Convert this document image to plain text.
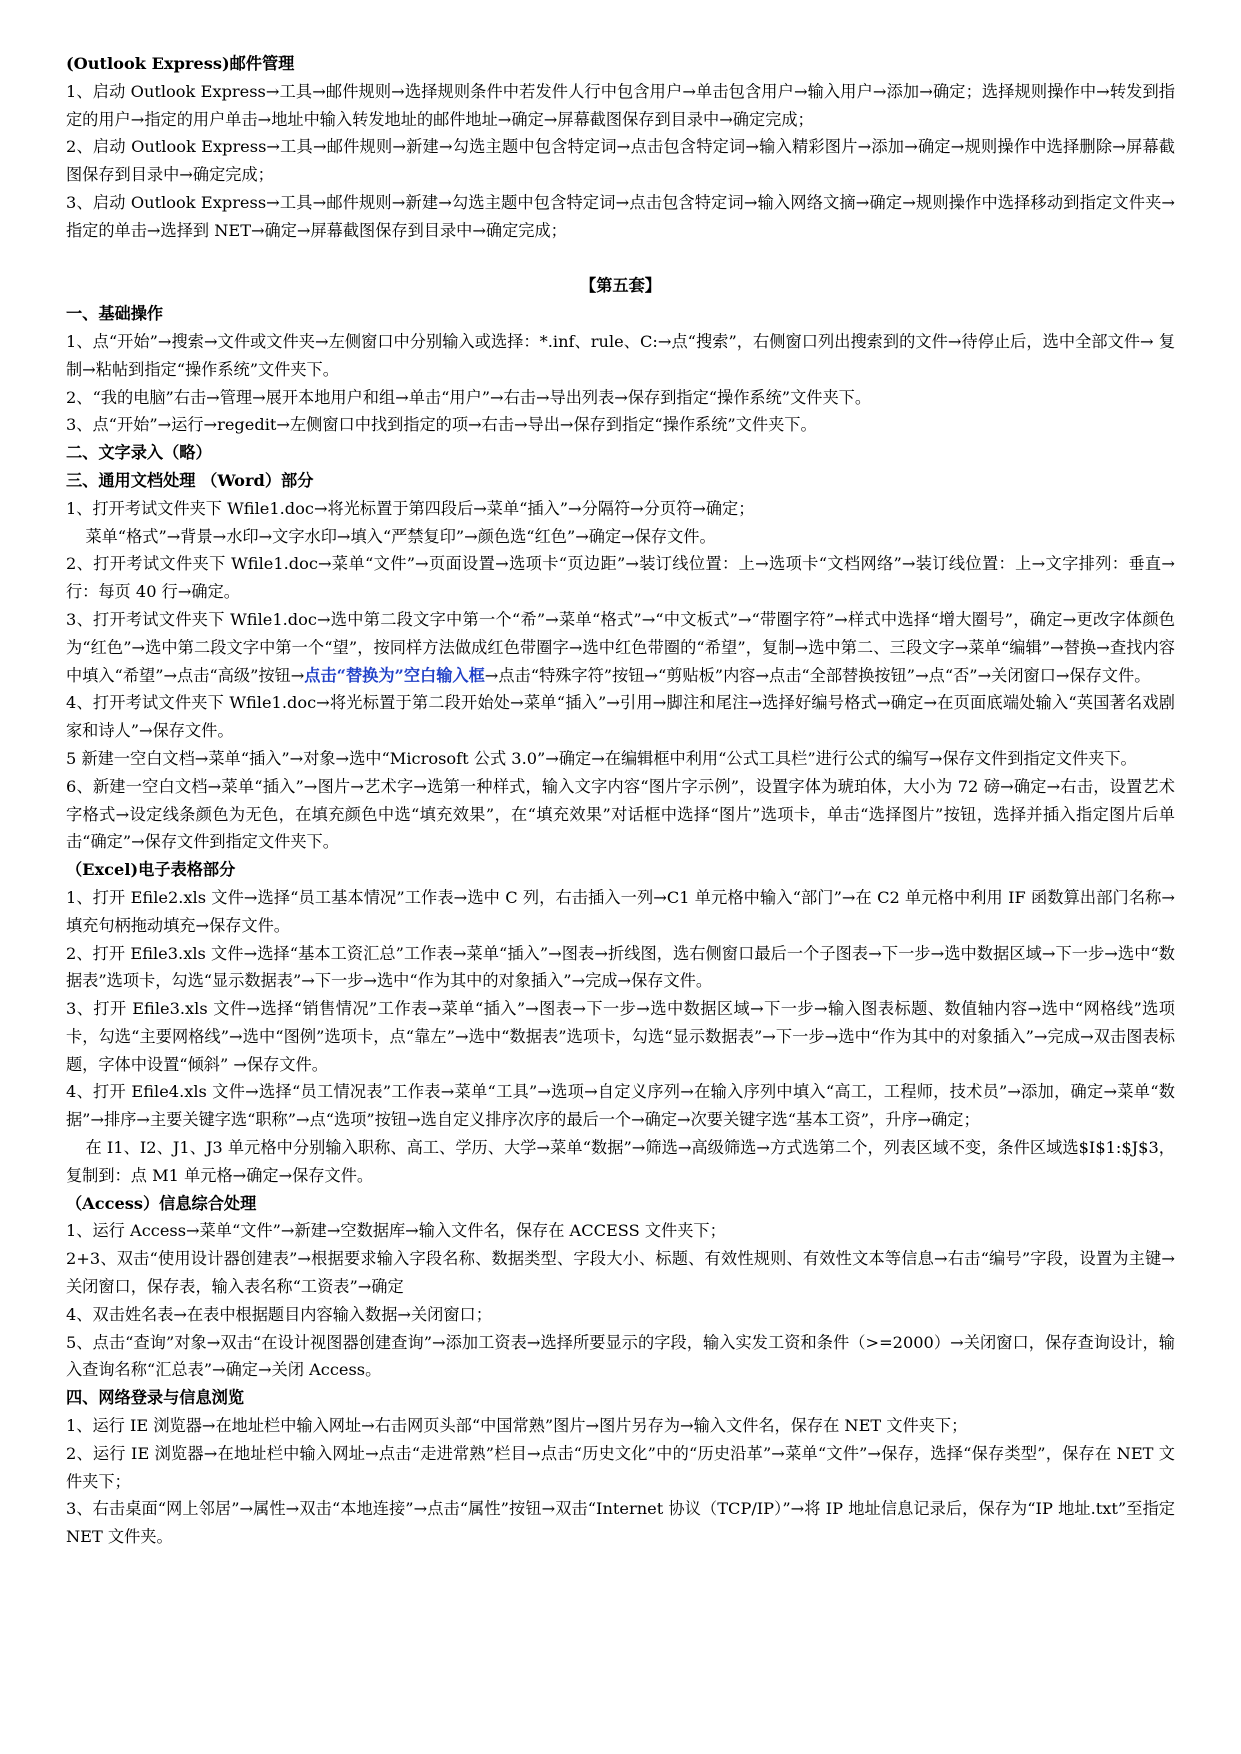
(Outlook Express)邮件管理

1、启动 Outlook Express→工具→邮件规则→选择规则条件中若发件人行中包含用户→单击包含用户→输入用户→添加→确定；选择规则操作中→转发到指定的用户→指定的用户单击→地址中输入转发地址的邮件地址→确定→屏幕截图保存到目录中→确定完成；

2、启动 Outlook Express→工具→邮件规则→新建→勾选主题中包含特定词→点击包含特定词→输入精彩图片→添加→确定→规则操作中选择删除→屏幕截图保存到目录中→确定完成；

3、启动 Outlook Express→工具→邮件规则→新建→勾选主题中包含特定词→点击包含特定词→输入网络文摘→确定→规则操作中选择移动到指定文件夹→指定的单击→选择到 NET→确定→屏幕截图保存到目录中→确定完成；

【第五套】

一、基础操作

1、点“开始”→搜索→文件或文件夹→左侧窗口中分别输入或选择：*.inf、rule、C:→点“搜索”，右侧窗口列出搜索到的文件→待停止后，选中全部文件→ 复制→粘帖到指定“操作系统”文件夹下。

2、“我的电脑”右击→管理→展开本地用户和组→单击“用户”→右击→导出列表→保存到指定“操作系统”文件夹下。

3、点“开始”→运行→regedit→左侧窗口中找到指定的项→右击→导出→保存到指定“操作系统”文件夹下。

二、文字录入（略）

三、通用文档处理 （Word）部分

1、打开考试文件夹下 Wfile1.doc→将光标置于第四段后→菜单“插入”→分隔符→分页符→确定；

菜单“格式”→背景→水印→文字水印→填入“严禁复印”→颜色选“红色”→确定→保存文件。

2、打开考试文件夹下 Wfile1.doc→菜单“文件”→页面设置→选项卡“页边距”→装订线位置：上→选项卡“文档网络”→装订线位置：上→文字排列：垂直→行：每页 40 行→确定。

3、打开考试文件夹下 Wfile1.doc→选中第二段文字中第一个“希”→菜单“格式”→“中文板式”→“带圈字符”→样式中选择“增大圈号”，确定→更改字体颜色为“红色”→选中第二段文字中第一个“望”，按同样方法做成红色带圈字→选中红色带圈的“希望”，复制→选中第二、三段文字→菜单“编辑”→替换→查找内容中填入“希望”→点击“高级”按钮→点击“替换为”空白输入框→点击“特殊字符”按钮→“剪贴板”内容→点击“全部替换按钮”→点“否”→关闭窗口→保存文件。

4、打开考试文件夹下 Wfile1.doc→将光标置于第二段开始处→菜单“插入”→引用→脚注和尾注→选择好编号格式→确定→在页面底端处输入“英国著名戏剧家和诗人”→保存文件。

5 新建一空白文档→菜单“插入”→对象→选中“Microsoft 公式 3.0”→确定→在编辑框中利用“公式工具栏”进行公式的编写→保存文件到指定文件夹下。

6、新建一空白文档→菜单“插入”→图片→艺术字→选第一种样式，输入文字内容“图片字示例”，设置字体为琥珀体，大小为 72 磅→确定→右击，设置艺术字格式→设定线条颜色为无色，在填充颜色中选“填充效果”，在“填充效果”对话框中选择“图片”选项卡，单击“选择图片”按钮，选择并插入指定图片后单击“确定”→保存文件到指定文件夹下。

（Excel)电子表格部分

1、打开 Efile2.xls 文件→选择“员工基本情况”工作表→选中 C 列，右击插入一列→C1 单元格中输入“部门”→在 C2 单元格中利用 IF 函数算出部门名称→填充句柄拖动填充→保存文件。

2、打开 Efile3.xls 文件→选择“基本工资汇总”工作表→菜单“插入”→图表→折线图，选右侧窗口最后一个子图表→下一步→选中数据区域→下一步→选中“数据表”选项卡，勾选“显示数据表”→下一步→选中“作为其中的对象插入”→完成→保存文件。

3、打开 Efile3.xls 文件→选择“销售情况”工作表→菜单“插入”→图表→下一步→选中数据区域→下一步→输入图表标题、数值轴内容→选中“网格线”选项卡，勾选“主要网格线”→选中“图例”选项卡，点“靠左”→选中“数据表”选项卡，勾选“显示数据表”→下一步→选中“作为其中的对象插入”→完成→双击图表标题，字体中设置“倾斜” →保存文件。

4、打开 Efile4.xls 文件→选择“员工情况表”工作表→菜单“工具”→选项→自定义序列→在输入序列中填入“高工，工程师，技术员”→添加，确定→菜单“数据”→排序→主要关键字选“职称”→点“选项”按钮→选自定义排序次序的最后一个→确定→次要关键字选“基本工资”，升序→确定；

在 I1、I2、J1、J3 单元格中分别输入职称、高工、学历、大学→菜单“数据”→筛选→高级筛选→方式选第二个，列表区域不变，条件区域选$I$1:$J$3，复制到：点 M1 单元格→确定→保存文件。

（Access）信息综合处理

1、运行 Access→菜单“文件”→新建→空数据库→输入文件名，保存在 ACCESS 文件夹下；

2+3、双击“使用设计器创建表”→根据要求输入字段名称、数据类型、字段大小、标题、有效性规则、有效性文本等信息→右击“编号”字段，设置为主键→关闭窗口，保存表，输入表名称“工资表”→确定

4、双击姓名表→在表中根据题目内容输入数据→关闭窗口；

5、点击“查询”对象→双击“在设计视图器创建查询”→添加工资表→选择所要显示的字段，输入实发工资和条件（>=2000）→关闭窗口，保存查询设计，输入查询名称“汇总表”→确定→关闭 Access。

四、网络登录与信息浏览

1、运行 IE 浏览器→在地址栏中输入网址→右击网页头部“中国常熟”图片→图片另存为→输入文件名，保存在 NET 文件夹下；

2、运行 IE 浏览器→在地址栏中输入网址→点击“走进常熟”栏目→点击“历史文化”中的“历史沿革”→菜单“文件”→保存，选择“保存类型”，保存在 NET 文件夹下；

3、右击桌面“网上邻居”→属性→双击“本地连接”→点击“属性”按钮→双击“Internet 协议（TCP/IP）”→将 IP 地址信息记录后，保存为“IP 地址.txt”至指定 NET 文件夹。
